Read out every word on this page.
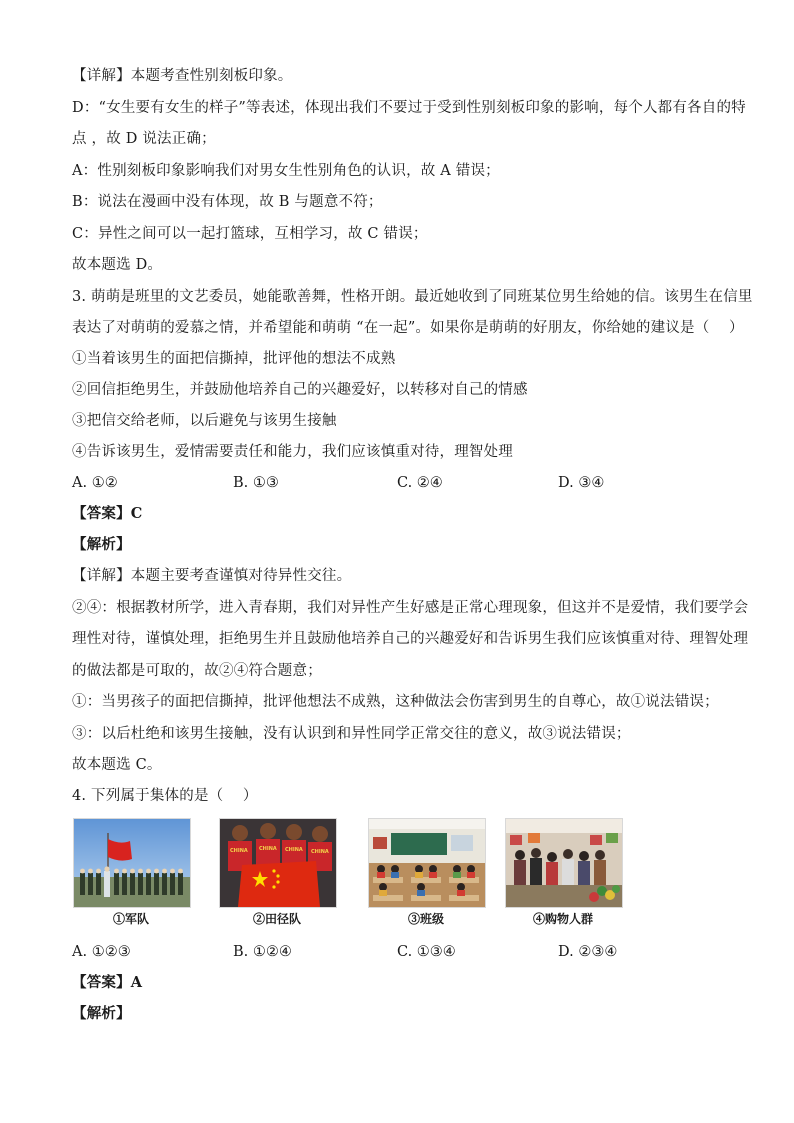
【详解】本题考查性别刻板印象。
D：“女生要有女生的样子”等表述，体现出我们不要过于受到性别刻板印象的影响，每个人都有各自的特
点 ，故 D 说法正确；
A：性别刻板印象影响我们对男女生性别角色的认识，故 A 错误；
B：说法在漫画中没有体现，故 B 与题意不符；
C：异性之间可以一起打篮球，互相学习，故 C 错误；
故本题选 D。
3. 萌萌是班里的文艺委员，她能歌善舞，性格开朗。最近她收到了同班某位男生给她的信。该男生在信里
表达了对萌萌的爱慕之情，并希望能和萌萌 “在一起”。如果你是萌萌的好朋友，你给她的建议是（　 ）
①当着该男生的面把信撕掉，批评他的想法不成熟
②回信拒绝男生，并鼓励他培养自己的兴趣爱好，以转移对自己的情感
③把信交给老师，以后避免与该男生接触
④告诉该男生，爱情需要责任和能力，我们应该慎重对待，理智处理
A. ①②	B. ①③	C. ②④	D. ③④
【答案】C
【解析】
【详解】本题主要考查谨慎对待异性交往。
②④：根据教材所学，进入青春期，我们对异性产生好感是正常心理现象，但这并不是爱情，我们要学会
理性对待，谨慎处理，拒绝男生并且鼓励他培养自己的兴趣爱好和告诉男生我们应该慎重对待、理智处理
的做法都是可取的，故②④符合题意；
①：当男孩子的面把信撕掉，批评他想法不成熟，这种做法会伤害到男生的自尊心，故①说法错误；
③：以后杜绝和该男生接触，没有认识到和异性同学正常交往的意义，故③说法错误；
故本题选 C。
4. 下列属于集体的是（　 ）
①军队
CHINA CHINA CHINA CHINA
②田径队	③班级	④购物人群
A. ①②③	B. ①②④	C. ①③④	D. ②③④
【答案】A
【解析】
